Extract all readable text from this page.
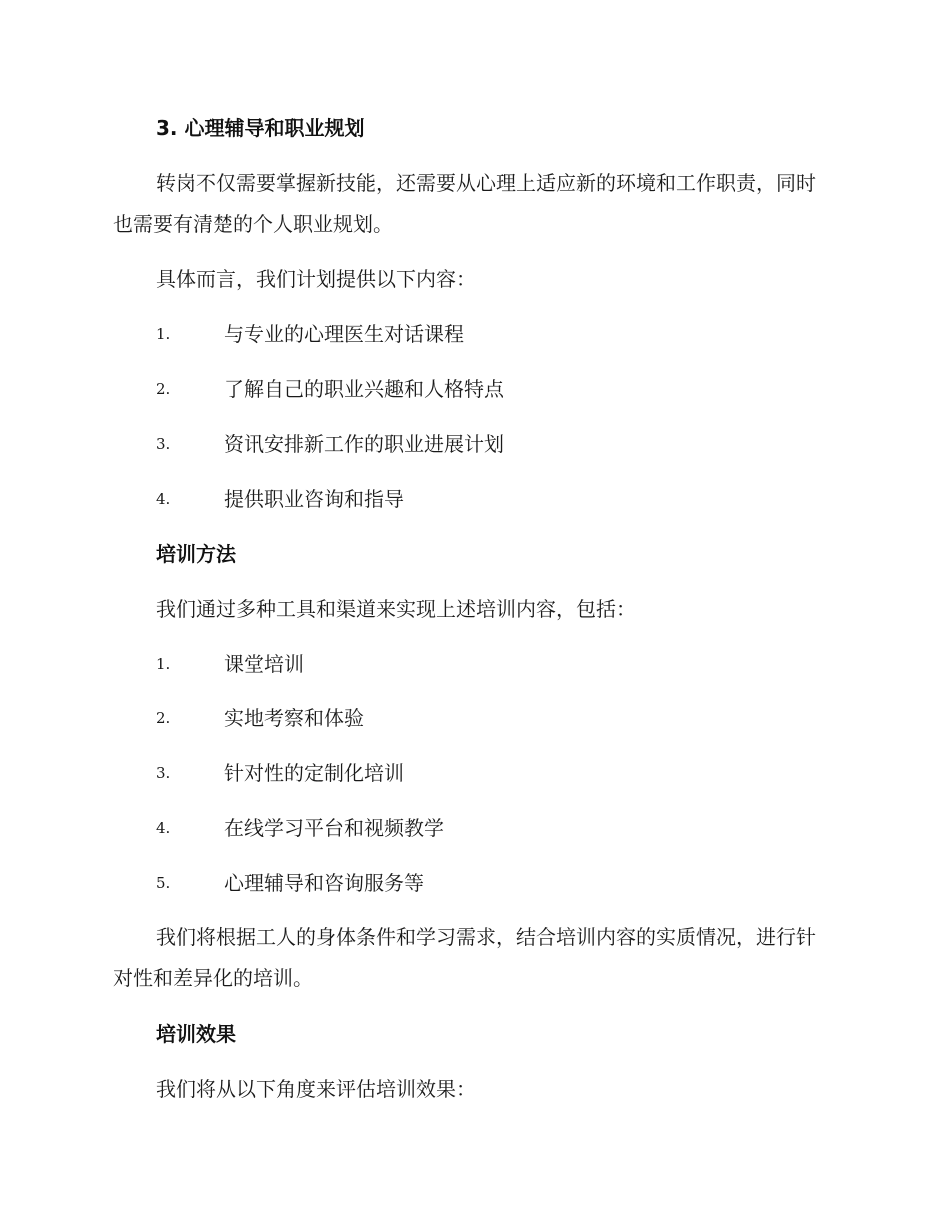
3. 心理辅导和职业规划
转岗不仅需要掌握新技能，还需要从心理上适应新的环境和工作职责，同时也需要有清楚的个人职业规划。
具体而言，我们计划提供以下内容：
1.	与专业的心理医生对话课程
2.	了解自己的职业兴趣和人格特点
3.	资讯安排新工作的职业进展计划
4.	提供职业咨询和指导
培训方法
我们通过多种工具和渠道来实现上述培训内容，包括：
1.	课堂培训
2.	实地考察和体验
3.	针对性的定制化培训
4.	在线学习平台和视频教学
5.	心理辅导和咨询服务等
我们将根据工人的身体条件和学习需求，结合培训内容的实质情况，进行针对性和差异化的培训。
培训效果
我们将从以下角度来评估培训效果：
